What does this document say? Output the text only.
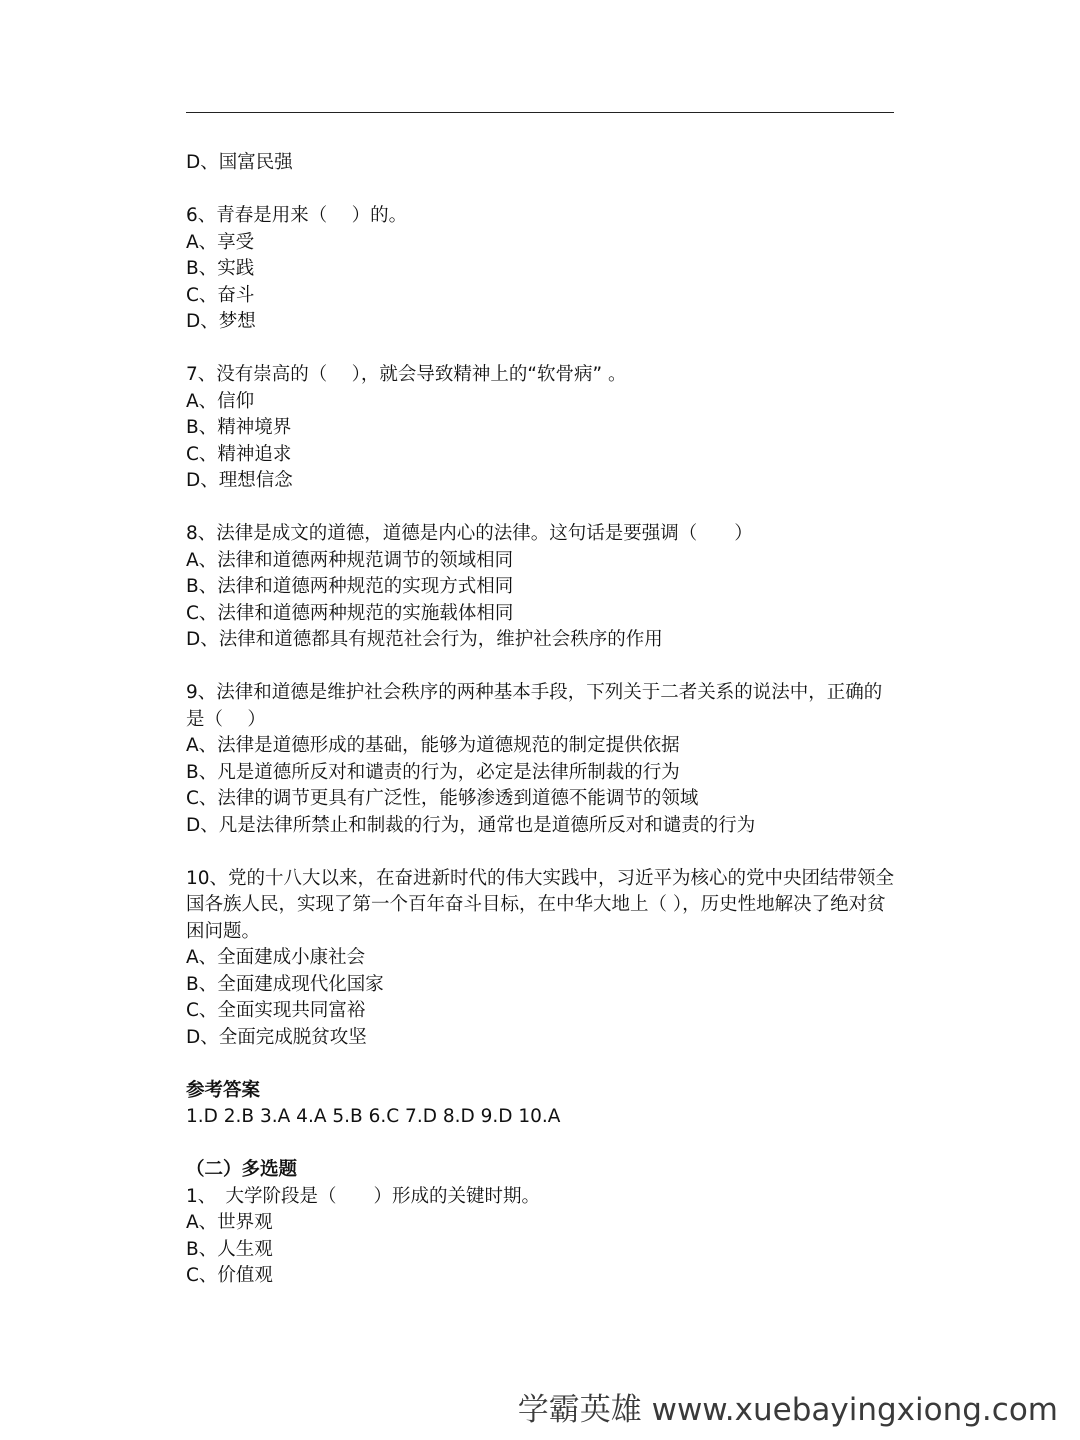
D、国富民强
6、青春是用来（　 ）的。
A、享受
B、实践
C、奋斗
D、梦想
7、没有崇高的（　 ），就会导致精神上的“软骨病” 。
A、信仰
B、精神境界
C、精神追求
D、理想信念
8、法律是成文的道德，道德是内心的法律。这句话是要强调（　　）
A、法律和道德两种规范调节的领域相同
B、法律和道德两种规范的实现方式相同
C、法律和道德两种规范的实施载体相同
D、法律和道德都具有规范社会行为，维护社会秩序的作用
9、法律和道德是维护社会秩序的两种基本手段，下列关于二者关系的说法中，正确的是（　 ）
A、法律是道德形成的基础，能够为道德规范的制定提供依据
B、凡是道德所反对和谴责的行为，必定是法律所制裁的行为
C、法律的调节更具有广泛性，能够渗透到道德不能调节的领域
D、凡是法律所禁止和制裁的行为，通常也是道德所反对和谴责的行为
10、党的十八大以来，在奋进新时代的伟大实践中，习近平为核心的党中央团结带领全国各族人民，实现了第一个百年奋斗目标，在中华大地上（ ），历史性地解决了绝对贫困问题。
A、全面建成小康社会
B、全面建成现代化国家
C、全面实现共同富裕
D、全面完成脱贫攻坚
参考答案
1.D 2.B 3.A 4.A 5.B 6.C 7.D 8.D 9.D 10.A
（二）多选题
1、　大学阶段是（　　）形成的关键时期。
A、世界观
B、人生观
C、价值观
学霸英雄 www.xuebayingxiong.com
